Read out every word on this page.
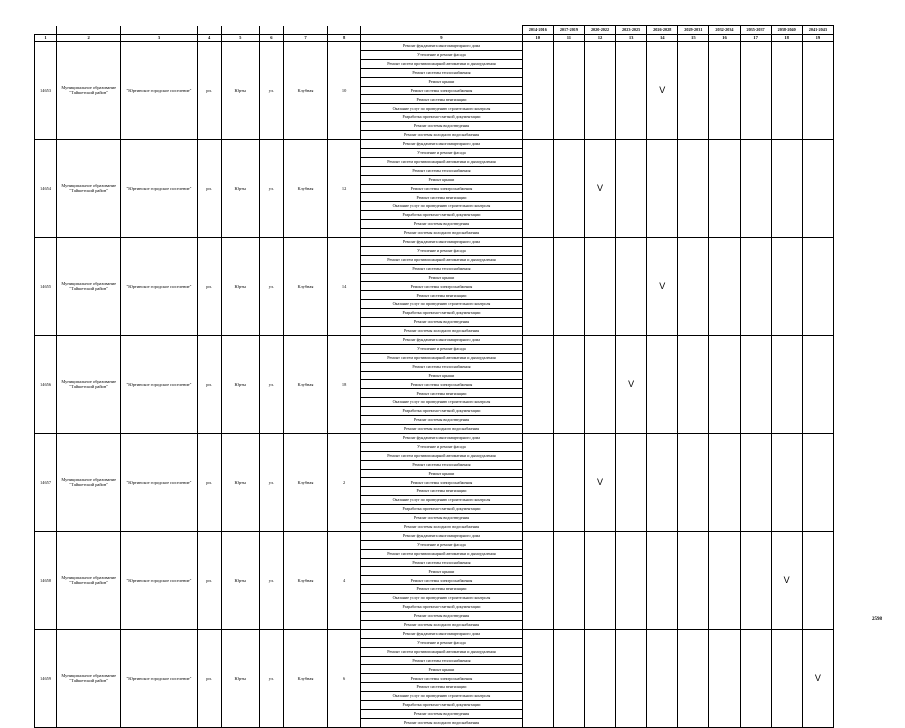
									2014-2016	2017-2019	2020-2022	2023-2025	2026-2028	2029-2031	2032-2034	2035-2037	2038-2040	2041-2043
1	2	3	4	5	6	7	8	9	10	11	12	13	14	15	16	17	18	19

14653	Муниципальное образование "Тайшетский район"	"Юртинское городское поселение"	рп.	Юрты	ул.	Клубная	10	Ремонт фундамента многоквартирного дома					V					
								Утепление и ремонт фасада										
								Ремонт систем противопожарной автоматики и дымоудаления										
								Ремонт системы теплоснабжения										
								Ремонт крыши										
								Ремонт системы электроснабжения										
								Ремонт системы вентиляции										
								Оказание услуг по проведению строительного контроля										
								Разработка проектно-сметной документации										
								Ремонт системы водоотведения										
								Ремонт системы холодного водоснабжения										

14654	Муниципальное образование "Тайшетский район"	"Юртинское городское поселение"	рп.	Юрты	ул.	Клубная	12	Ремонт фундамента многоквартирного дома			V							
								Утепление и ремонт фасада										
								Ремонт систем противопожарной автоматики и дымоудаления										
								Ремонт системы теплоснабжения										
								Ремонт крыши										
								Ремонт системы электроснабжения										
								Ремонт системы вентиляции										
								Оказание услуг по проведению строительного контроля										
								Разработка проектно-сметной документации										
								Ремонт системы водоотведения										
								Ремонт системы холодного водоснабжения										

14655	Муниципальное образование "Тайшетский район"	"Юртинское городское поселение"	рп.	Юрты	ул.	Клубная	14	Ремонт фундамента многоквартирного дома					V					
								Утепление и ремонт фасада										
								Ремонт систем противопожарной автоматики и дымоудаления										
								Ремонт системы теплоснабжения										
								Ремонт крыши										
								Ремонт системы электроснабжения										
								Ремонт системы вентиляции										
								Оказание услуг по проведению строительного контроля										
								Разработка проектно-сметной документации										
								Ремонт системы водоотведения										
								Ремонт системы холодного водоснабжения										

14656	Муниципальное образование "Тайшетский район"	"Юртинское городское поселение"	рп.	Юрты	ул.	Клубная	18	Ремонт фундамента многоквартирного дома				V						
								Утепление и ремонт фасада										
								Ремонт систем противопожарной автоматики и дымоудаления										
								Ремонт системы теплоснабжения										
								Ремонт крыши										
								Ремонт системы электроснабжения										
								Ремонт системы вентиляции										
								Оказание услуг по проведению строительного контроля										
								Разработка проектно-сметной документации										
								Ремонт системы водоотведения										
								Ремонт системы холодного водоснабжения										

14657	Муниципальное образование "Тайшетский район"	"Юртинское городское поселение"	рп.	Юрты	ул.	Клубная	2	Ремонт фундамента многоквартирного дома			V							
								Утепление и ремонт фасада										
								Ремонт систем противопожарной автоматики и дымоудаления										
								Ремонт системы теплоснабжения										
								Ремонт крыши										
								Ремонт системы электроснабжения										
								Ремонт системы вентиляции										
								Оказание услуг по проведению строительного контроля										
								Разработка проектно-сметной документации										
								Ремонт системы водоотведения										
								Ремонт системы холодного водоснабжения										

14658	Муниципальное образование "Тайшетский район"	"Юртинское городское поселение"	рп.	Юрты	ул.	Клубная	4	Ремонт фундамента многоквартирного дома									V	
								Утепление и ремонт фасада										
								Ремонт систем противопожарной автоматики и дымоудаления										
								Ремонт системы теплоснабжения										
								Ремонт крыши										
								Ремонт системы электроснабжения										
								Ремонт системы вентиляции										
								Оказание услуг по проведению строительного контроля										
								Разработка проектно-сметной документации										
								Ремонт системы водоотведения										
								Ремонт системы холодного водоснабжения										

14659	Муниципальное образование "Тайшетский район"	"Юртинское городское поселение"	рп.	Юрты	ул.	Клубная	6	Ремонт фундамента многоквартирного дома										V
								Утепление и ремонт фасада										
								Ремонт систем противопожарной автоматики и дымоудаления										
								Ремонт системы теплоснабжения										
								Ремонт крыши										
								Ремонт системы электроснабжения										
								Ремонт системы вентиляции										
								Оказание услуг по проведению строительного контроля										
								Разработка проектно-сметной документации										
								Ремонт системы водоотведения										
								Ремонт системы холодного водоснабжения										
2598
